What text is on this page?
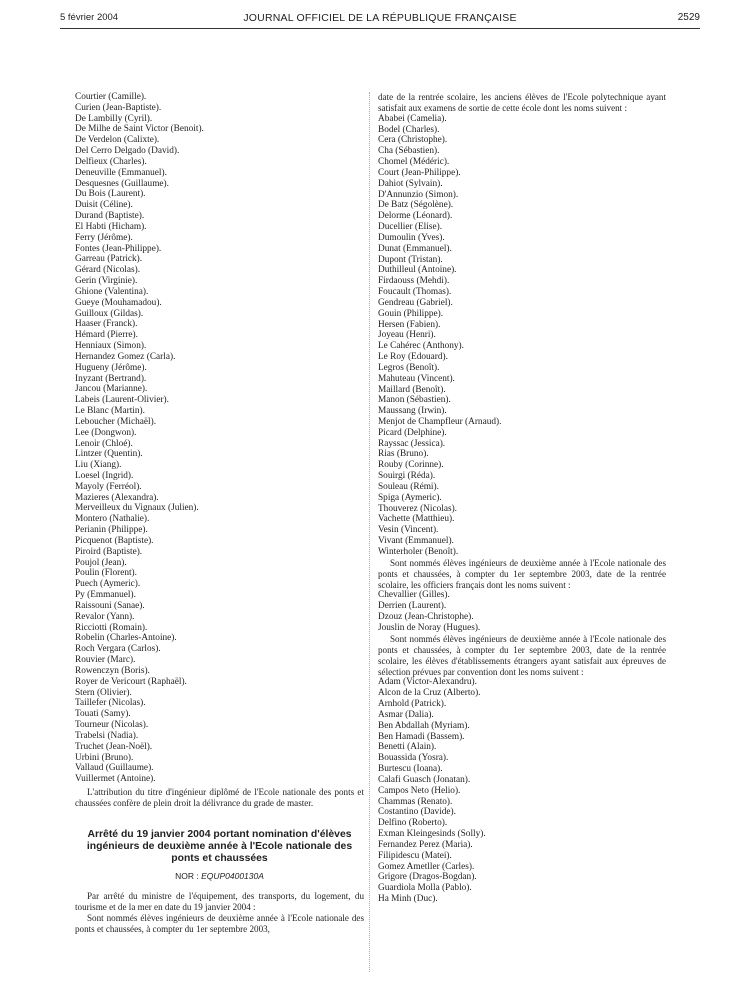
5 février 2004	JOURNAL OFFICIEL DE LA RÉPUBLIQUE FRANÇAISE	2529
Courtier (Camille).
Curien (Jean-Baptiste).
De Lambilly (Cyril).
De Milhe de Saint Victor (Benoit).
De Verdelon (Calixte).
Del Cerro Delgado (David).
Delfieux (Charles).
Deneuville (Emmanuel).
Desquesnes (Guillaume).
Du Bois (Laurent).
Duisit (Céline).
Durand (Baptiste).
El Habti (Hicham).
Ferry (Jérôme).
Fontes (Jean-Philippe).
Garreau (Patrick).
Gérard (Nicolas).
Gerin (Virginie).
Ghione (Valentina).
Gueye (Mouhamadou).
Guilloux (Gildas).
Haaser (Franck).
Hémard (Pierre).
Henniaux (Simon).
Hernandez Gomez (Carla).
Hugueny (Jérôme).
Inyzant (Bertrand).
Jancou (Marianne).
Labeis (Laurent-Olivier).
Le Blanc (Martin).
Leboucher (Michaël).
Lee (Dongwon).
Lenoir (Chloé).
Lintzer (Quentin).
Liu (Xiang).
Loesel (Ingrid).
Mayoly (Ferréol).
Mazieres (Alexandra).
Merveilleux du Vignaux (Julien).
Montero (Nathalie).
Perianin (Philippe).
Picquenot (Baptiste).
Piroird (Baptiste).
Poujol (Jean).
Poulin (Florent).
Puech (Aymeric).
Py (Emmanuel).
Raissouni (Sanae).
Revalor (Yann).
Ricciotti (Romain).
Robelin (Charles-Antoine).
Roch Vergara (Carlos).
Rouvier (Marc).
Rowenczyn (Boris).
Royer de Vericourt (Raphaël).
Stern (Olivier).
Taillefer (Nicolas).
Touati (Samy).
Tourneur (Nicolas).
Trabelsi (Nadia).
Truchet (Jean-Noël).
Urbini (Bruno).
Vallaud (Guillaume).
Vuillermet (Antoine).
L'attribution du titre d'ingénieur diplômé de l'Ecole nationale des ponts et chaussées confère de plein droit la délivrance du grade de master.
Arrêté du 19 janvier 2004 portant nomination d'élèves ingénieurs de deuxième année à l'Ecole nationale des ponts et chaussées
NOR : EQUP0400130A
Par arrêté du ministre de l'équipement, des transports, du logement, du tourisme et de la mer en date du 19 janvier 2004 :
Sont nommés élèves ingénieurs de deuxième année à l'Ecole nationale des ponts et chaussées, à compter du 1er septembre 2003,
date de la rentrée scolaire, les anciens élèves de l'Ecole polytechnique ayant satisfait aux examens de sortie de cette école dont les noms suivent :
Ababei (Camelia).
Bodel (Charles).
Cera (Christophe).
Cha (Sébastien).
Chomel (Médéric).
Court (Jean-Philippe).
Dahiot (Sylvain).
D'Annunzio (Simon).
De Batz (Ségolène).
Delorme (Léonard).
Ducellier (Elise).
Dumoulin (Yves).
Dunat (Emmanuel).
Dupont (Tristan).
Duthilleul (Antoine).
Firdaouss (Mehdi).
Foucault (Thomas).
Gendreau (Gabriel).
Gouin (Philippe).
Hersen (Fabien).
Joyeau (Henri).
Le Cahérec (Anthony).
Le Roy (Edouard).
Legros (Benoît).
Mahuteau (Vincent).
Maillard (Benoît).
Manon (Sébastien).
Maussang (Irwin).
Menjot de Champfleur (Arnaud).
Picard (Delphine).
Rayssac (Jessica).
Rias (Bruno).
Rouby (Corinne).
Souirgi (Réda).
Souleau (Rémi).
Spiga (Aymeric).
Thouverez (Nicolas).
Vachette (Matthieu).
Vesin (Vincent).
Vivant (Emmanuel).
Winterholer (Benoît).
Sont nommés élèves ingénieurs de deuxième année à l'Ecole nationale des ponts et chaussées, à compter du 1er septembre 2003, date de la rentrée scolaire, les officiers français dont les noms suivent :
Chevallier (Gilles).
Derrien (Laurent).
Dzouz (Jean-Christophe).
Jouslin de Noray (Hugues).
Sont nommés élèves ingénieurs de deuxième année à l'Ecole nationale des ponts et chaussées, à compter du 1er septembre 2003, date de la rentrée scolaire, les élèves d'établissements étrangers ayant satisfait aux épreuves de sélection prévues par convention dont les noms suivent :
Adam (Victor-Alexandru).
Alcon de la Cruz (Alberto).
Arnhold (Patrick).
Asmar (Dalia).
Ben Abdallah (Myriam).
Ben Hamadi (Bassem).
Benetti (Alain).
Bouassida (Yosra).
Burtescu (Ioana).
Calafi Guasch (Jonatan).
Campos Neto (Helio).
Chammas (Renato).
Costantino (Davide).
Delfino (Roberto).
Exman Kleingesinds (Solly).
Fernandez Perez (Maria).
Filipidescu (Matei).
Gomez Ametller (Carles).
Grigore (Dragos-Bogdan).
Guardiola Molla (Pablo).
Ha Minh (Duc).
